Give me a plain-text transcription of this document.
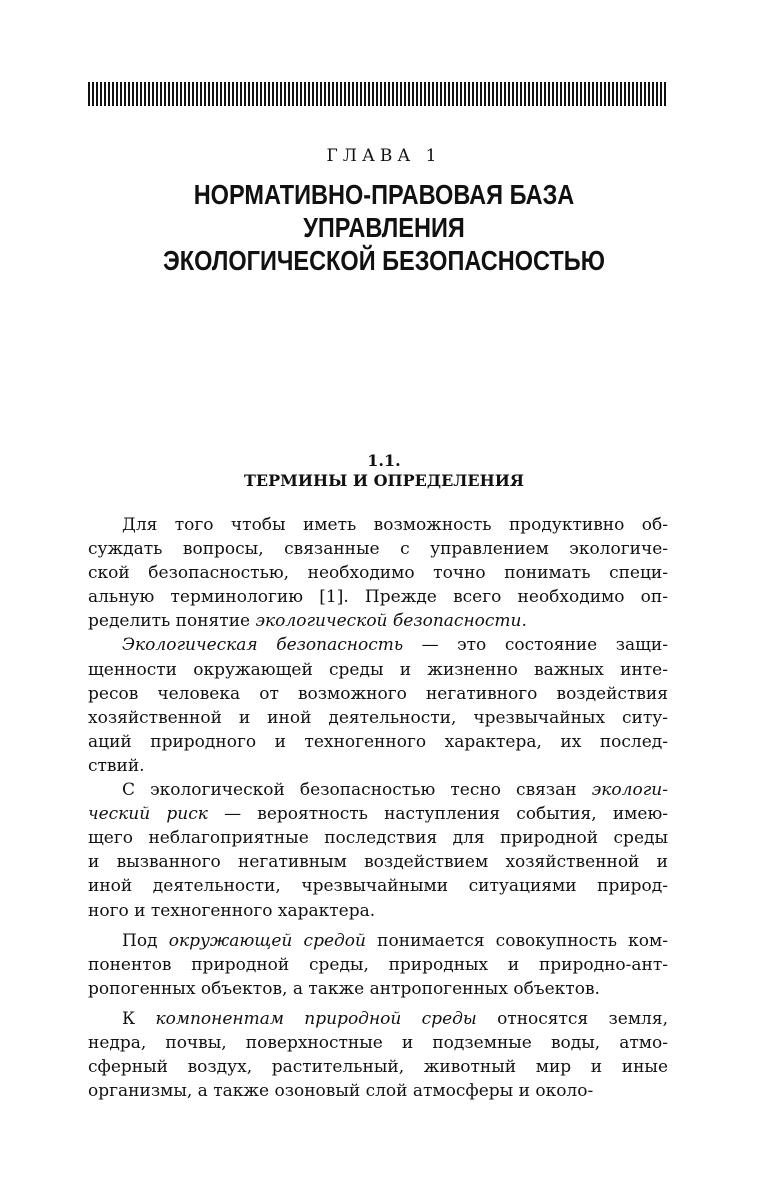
ГЛАВА 1
НОРМАТИВНО-ПРАВОВАЯ БАЗА
УПРАВЛЕНИЯ
ЭКОЛОГИЧЕСКОЙ БЕЗОПАСНОСТЬЮ
1.1.
ТЕРМИНЫ И ОПРЕДЕЛЕНИЯ
Для того чтобы иметь возможность продуктивно об-
суждать вопросы, связанные с управлением экологиче-
ской безопасностью, необходимо точно понимать специ-
альную терминологию [1]. Прежде всего необходимо оп-
ределить понятие экологической безопасности.
Экологическая безопасность — это состояние защи-
щенности окружающей среды и жизненно важных инте-
ресов человека от возможного негативного воздействия
хозяйственной и иной деятельности, чрезвычайных ситу-
аций природного и техногенного характера, их послед-
ствий.
С экологической безопасностью тесно связан экологи-
ческий риск — вероятность наступления события, имею-
щего неблагоприятные последствия для природной среды
и вызванного негативным воздействием хозяйственной и
иной деятельности, чрезвычайными ситуациями природ-
ного и техногенного характера.
Под окружающей средой понимается совокупность ком-
понентов природной среды, природных и природно-ант-
ропогенных объектов, а также антропогенных объектов.
К компонентам природной среды относятся земля,
недра, почвы, поверхностные и подземные воды, атмо-
сферный воздух, растительный, животный мир и иные
организмы, а также озоновый слой атмосферы и около-
